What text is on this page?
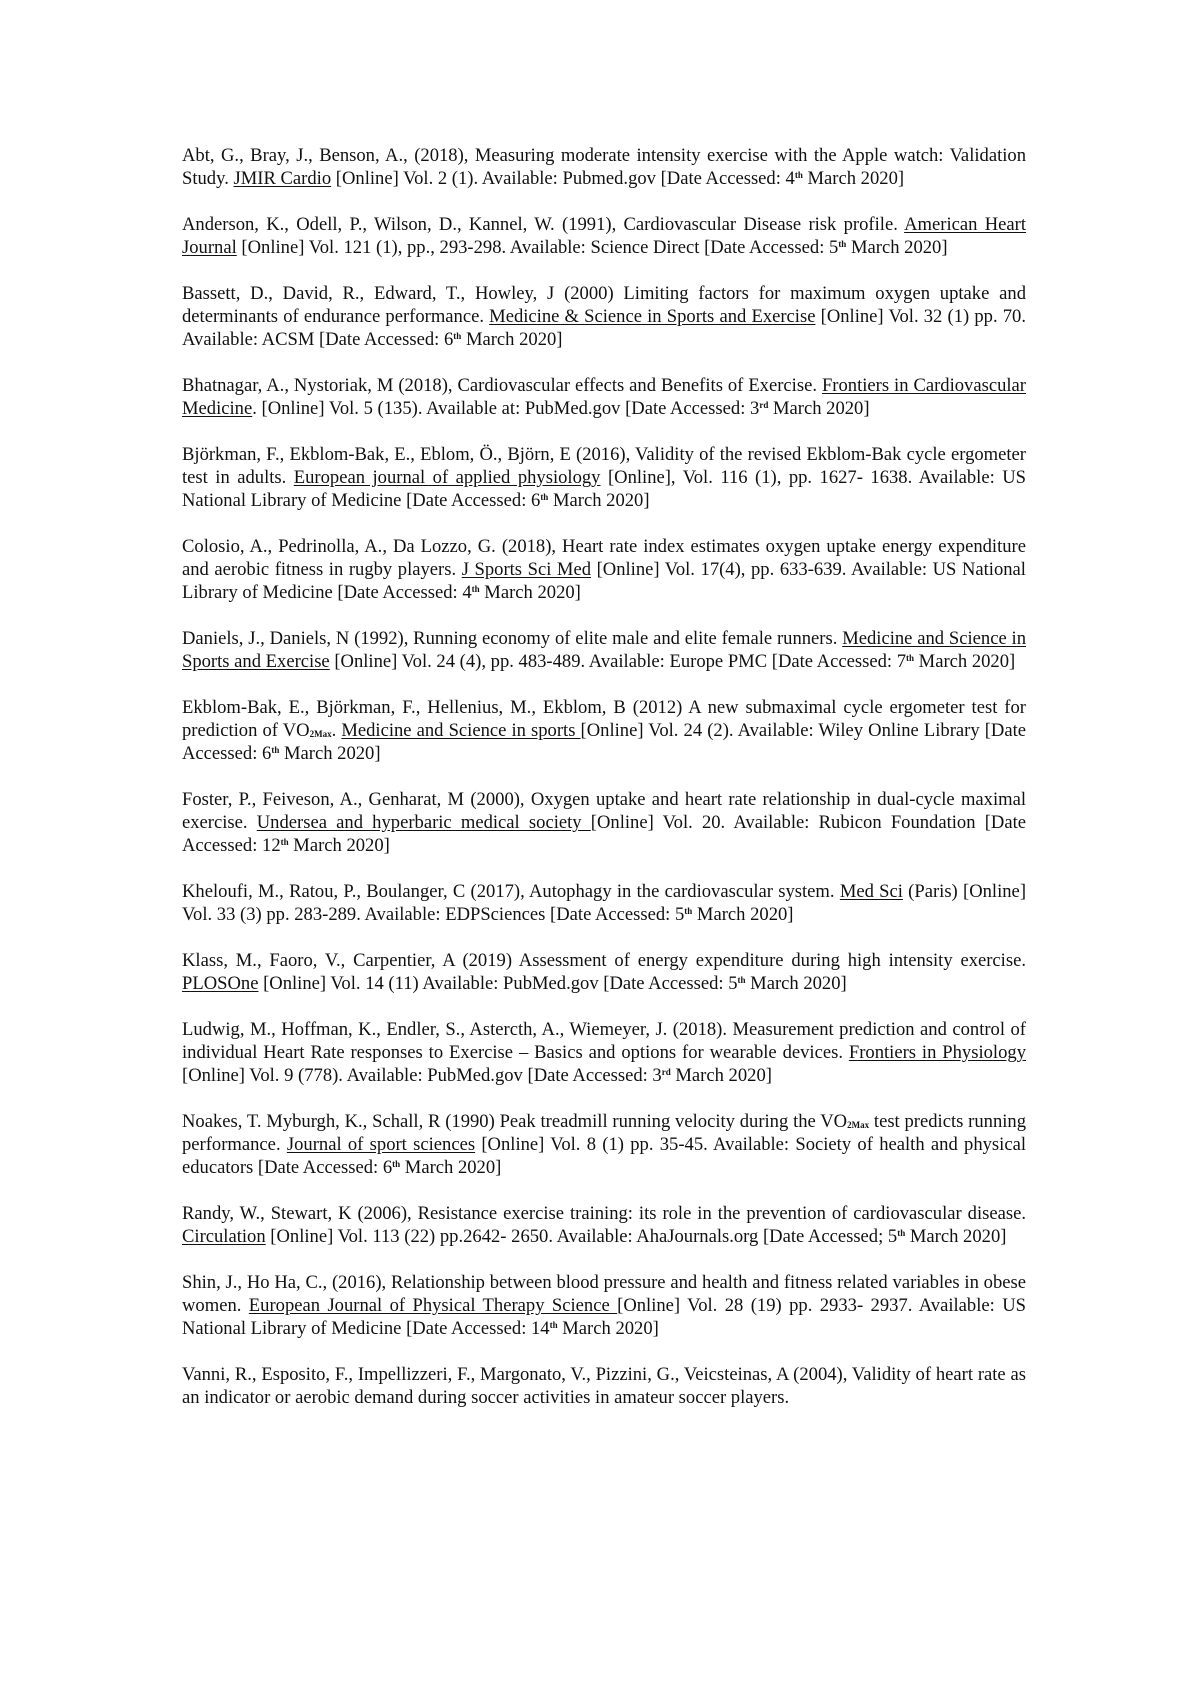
Abt, G., Bray, J., Benson, A., (2018), Measuring moderate intensity exercise with the Apple watch: Validation Study. JMIR Cardio [Online] Vol. 2 (1). Available: Pubmed.gov [Date Accessed: 4th March 2020]

Anderson, K., Odell, P., Wilson, D., Kannel, W. (1991), Cardiovascular Disease risk profile. American Heart Journal [Online] Vol. 121 (1), pp., 293-298. Available: Science Direct [Date Accessed: 5th March 2020]

Bassett, D., David, R., Edward, T., Howley, J (2000) Limiting factors for maximum oxygen uptake and determinants of endurance performance. Medicine & Science in Sports and Exercise [Online] Vol. 32 (1) pp. 70. Available: ACSM [Date Accessed: 6th March 2020]

Bhatnagar, A., Nystoriak, M (2018), Cardiovascular effects and Benefits of Exercise. Frontiers in Cardiovascular Medicine. [Online] Vol. 5 (135). Available at: PubMed.gov [Date Accessed: 3rd March 2020]

Björkman, F., Ekblom-Bak, E., Eblom, Ö., Björn, E (2016), Validity of the revised Ekblom-Bak cycle ergometer test in adults. European journal of applied physiology [Online], Vol. 116 (1), pp. 1627- 1638. Available: US National Library of Medicine [Date Accessed: 6th March 2020]

Colosio, A., Pedrinolla, A., Da Lozzo, G. (2018), Heart rate index estimates oxygen uptake energy expenditure and aerobic fitness in rugby players. J Sports Sci Med [Online] Vol. 17(4), pp. 633-639. Available: US National Library of Medicine [Date Accessed: 4th March 2020]

Daniels, J., Daniels, N (1992), Running economy of elite male and elite female runners. Medicine and Science in Sports and Exercise [Online] Vol. 24 (4), pp. 483-489. Available: Europe PMC [Date Accessed: 7th March 2020]

Ekblom-Bak, E., Björkman, F., Hellenius, M., Ekblom, B (2012) A new submaximal cycle ergometer test for prediction of $VO_{2Max}$. Medicine and Science in sports [Online] Vol. 24 (2). Available: Wiley Online Library [Date Accessed: 6th March 2020]

Foster, P., Feiveson, A., Genharat, M (2000), Oxygen uptake and heart rate relationship in dual-cycle maximal exercise. Undersea and hyperbaric medical society [Online] Vol. 20. Available: Rubicon Foundation [Date Accessed: 12th March 2020]

Kheloufi, M., Ratou, P., Boulanger, C (2017), Autophagy in the cardiovascular system. Med Sci (Paris) [Online] Vol. 33 (3) pp. 283-289. Available: EDPSciences [Date Accessed: 5th March 2020]

Klass, M., Faoro, V., Carpentier, A (2019) Assessment of energy expenditure during high intensity exercise. PLOSOne [Online] Vol. 14 (11) Available: PubMed.gov [Date Accessed: 5th March 2020]

Ludwig, M., Hoffman, K., Endler, S., Astercth, A., Wiemeyer, J. (2018). Measurement prediction and control of individual Heart Rate responses to Exercise – Basics and options for wearable devices. Frontiers in Physiology [Online] Vol. 9 (778). Available: PubMed.gov [Date Accessed: 3rd March 2020]

Noakes, T. Myburgh, K., Schall, R (1990) Peak treadmill running velocity during the $VO_{2Max}$ test predicts running performance. Journal of sport sciences [Online] Vol. 8 (1) pp. 35-45. Available: Society of health and physical educators [Date Accessed: 6th March 2020]

Randy, W., Stewart, K (2006), Resistance exercise training: its role in the prevention of cardiovascular disease. Circulation [Online] Vol. 113 (22) pp.2642- 2650. Available: AhaJournals.org [Date Accessed; 5th March 2020]

Shin, J., Ho Ha, C., (2016), Relationship between blood pressure and health and fitness related variables in obese women. European Journal of Physical Therapy Science [Online] Vol. 28 (19) pp. 2933- 2937. Available: US National Library of Medicine [Date Accessed: 14th March 2020]

Vanni, R., Esposito, F., Impellizzeri, F., Margonato, V., Pizzini, G., Veicsteinas, A (2004), Validity of heart rate as an indicator or aerobic demand during soccer activities in amateur soccer players.
